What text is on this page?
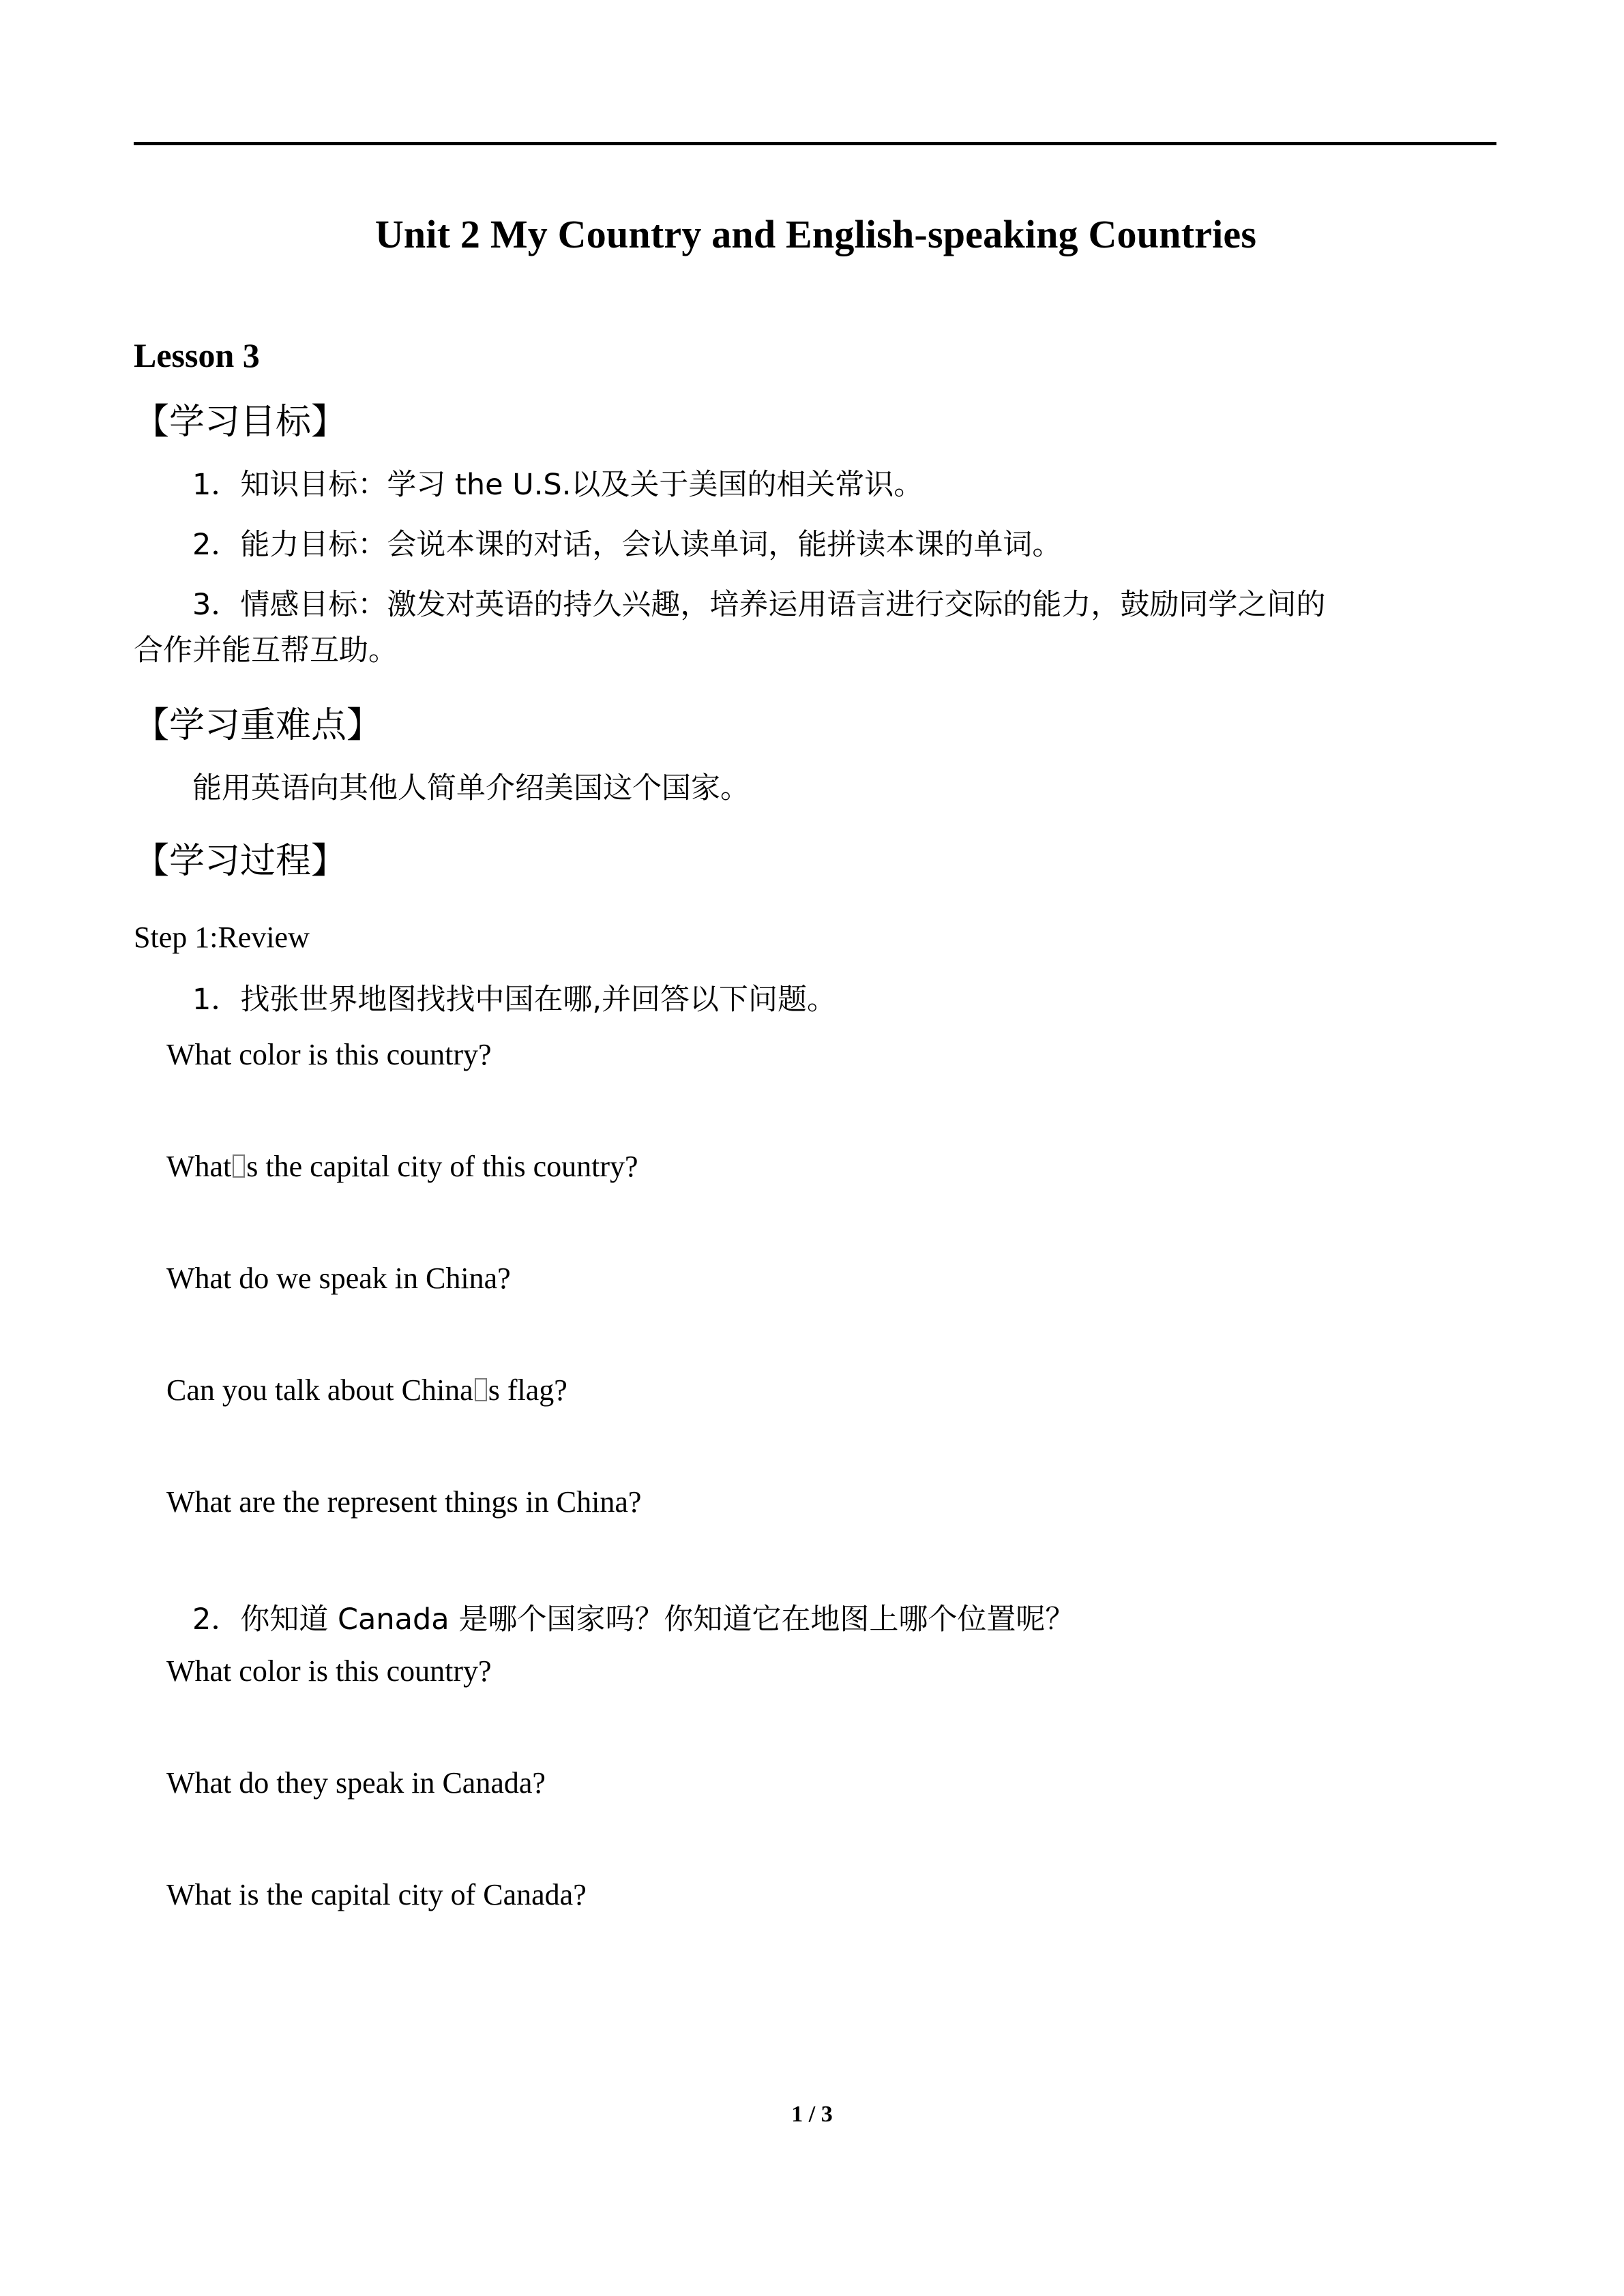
Unit 2 My Country and English-speaking Countries
Lesson 3
【学习目标】
1．知识目标：学习 the U.S.以及关于美国的相关常识。
2．能力目标：会说本课的对话，会认读单词，能拼读本课的单词。
3．情感目标：激发对英语的持久兴趣，培养运用语言进行交际的能力，鼓励同学之间的
合作并能互帮互助。
【学习重难点】
能用英语向其他人简单介绍美国这个国家。
【学习过程】
Step 1:Review
1．找张世界地图找找中国在哪,并回答以下问题。
What color is this country?
What s the capital city of this country?
What do we speak in China?
Can you talk about China s flag?
What are the represent things in China?
2．你知道 Canada 是哪个国家吗？你知道它在地图上哪个位置呢？
What color is this country?
What do they speak in Canada?
What is the capital city of Canada?
1 / 3
